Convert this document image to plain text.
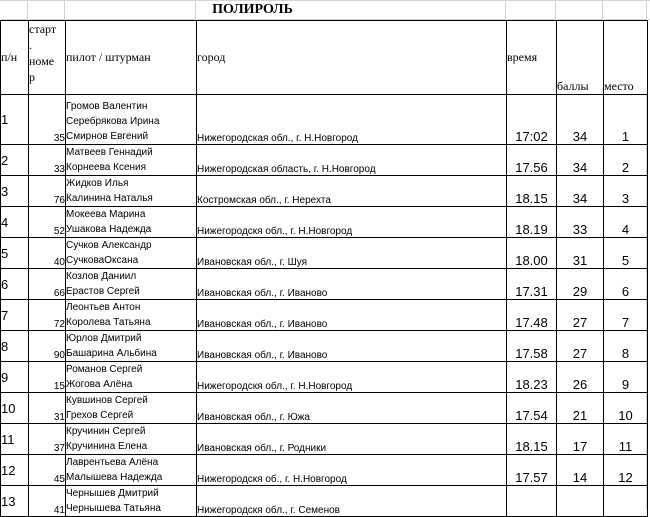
ПОЛИРОЛЬ
п/н	старт
.
номе
р	пилот / штурман	город	время	баллы	место	
1	35	Громов Валентин
Серебрякова Ирина
Смирнов Евгений	Нижегородская обл., г. Н.Новгород	17:02	34	1	
2	33	Матвеев Геннадий
Корнеева Ксения	Нижегородская область, г. Н.Новгород	17.56	34	2	
3	76	Жидков Илья
Калинина Наталья	Костромская обл., г. Нерехта	18.15	34	3	
4	52	Мокеева Марина
Ушакова Надежда	Нижегородскя обл., г. Н.Новгород	18.19	33	4	
5	40	Сучков Александр
СучковаОксана	Ивановская обл., г. Шуя	18.00	31	5	
6	66	Козлов Даниил
Ерастов Сергей	Ивановская обл., г. Иваново	17.31	29	6	
7	72	Леонтьев Антон
Королева Татьяна	Ивановская обл., г. Иваново	17.48	27	7	
8	90	Юрлов Дмитрий
Башарина Альбина	Ивановская обл., г. Иваново	17.58	27	8	
9	15	Романов Сергей
Жогова Алёна	Нижегородскя обл., г. Н.Новгород	18.23	26	9	
10	31	Кувшинов Сергей
Грехов Сергей	Ивановская обл., г. Южа	17.54	21	10	
11	37	Кручинин Сергей
Кручинина Елена	Ивановская обл., г. Родники	18.15	17	11	
12	45	Лаврентьева Алёна
Малышева Надежда	Нижегородскя об., г. Н.Новгород	17.57	14	12	
13	41	Чернышев Дмитрий
Чернышева Татьяна	Нижегородскя обл., г. Семенов				
